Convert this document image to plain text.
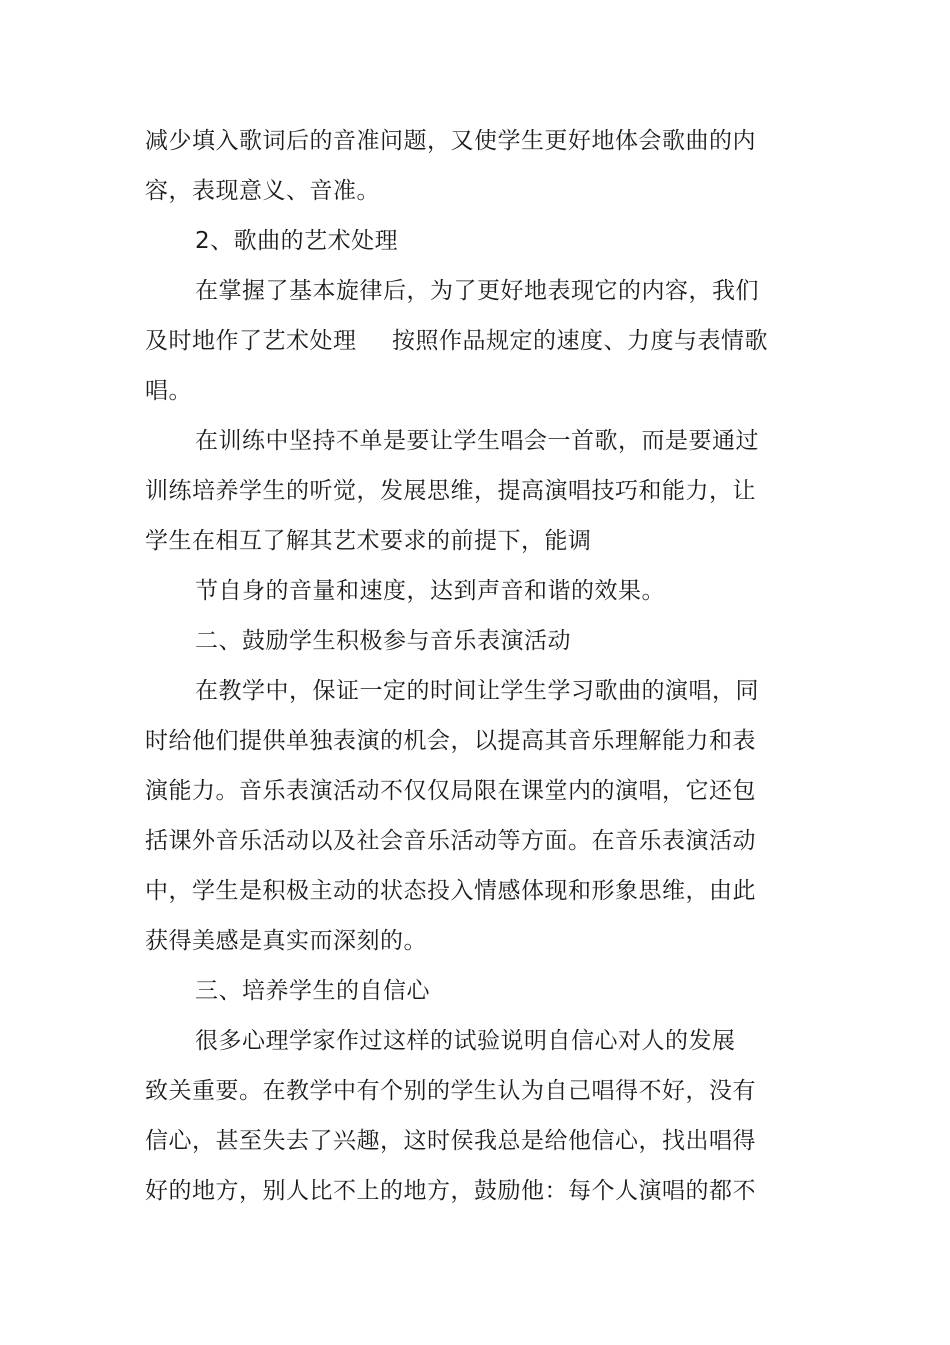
减少填入歌词后的音准问题，又使学生更好地体会歌曲的内
容，表现意义、音准。
2、歌曲的艺术处理
在掌握了基本旋律后，为了更好地表现它的内容，我们
及时地作了艺术处理 按照作品规定的速度、力度与表情歌
唱。
在训练中坚持不单是要让学生唱会一首歌，而是要通过
训练培养学生的听觉，发展思维，提高演唱技巧和能力，让
学生在相互了解其艺术要求的前提下，能调
节自身的音量和速度，达到声音和谐的效果。
二、鼓励学生积极参与音乐表演活动
在教学中，保证一定的时间让学生学习歌曲的演唱，同
时给他们提供单独表演的机会，以提高其音乐理解能力和表
演能力。音乐表演活动不仅仅局限在课堂内的演唱，它还包
括课外音乐活动以及社会音乐活动等方面。在音乐表演活动
中，学生是积极主动的状态投入情感体现和形象思维，由此
获得美感是真实而深刻的。
三、培养学生的自信心
很多心理学家作过这样的试验说明自信心对人的发展
致关重要。在教学中有个别的学生认为自己唱得不好，没有
信心，甚至失去了兴趣，这时侯我总是给他信心，找出唱得
好的地方，别人比不上的地方，鼓励他：每个人演唱的都不
